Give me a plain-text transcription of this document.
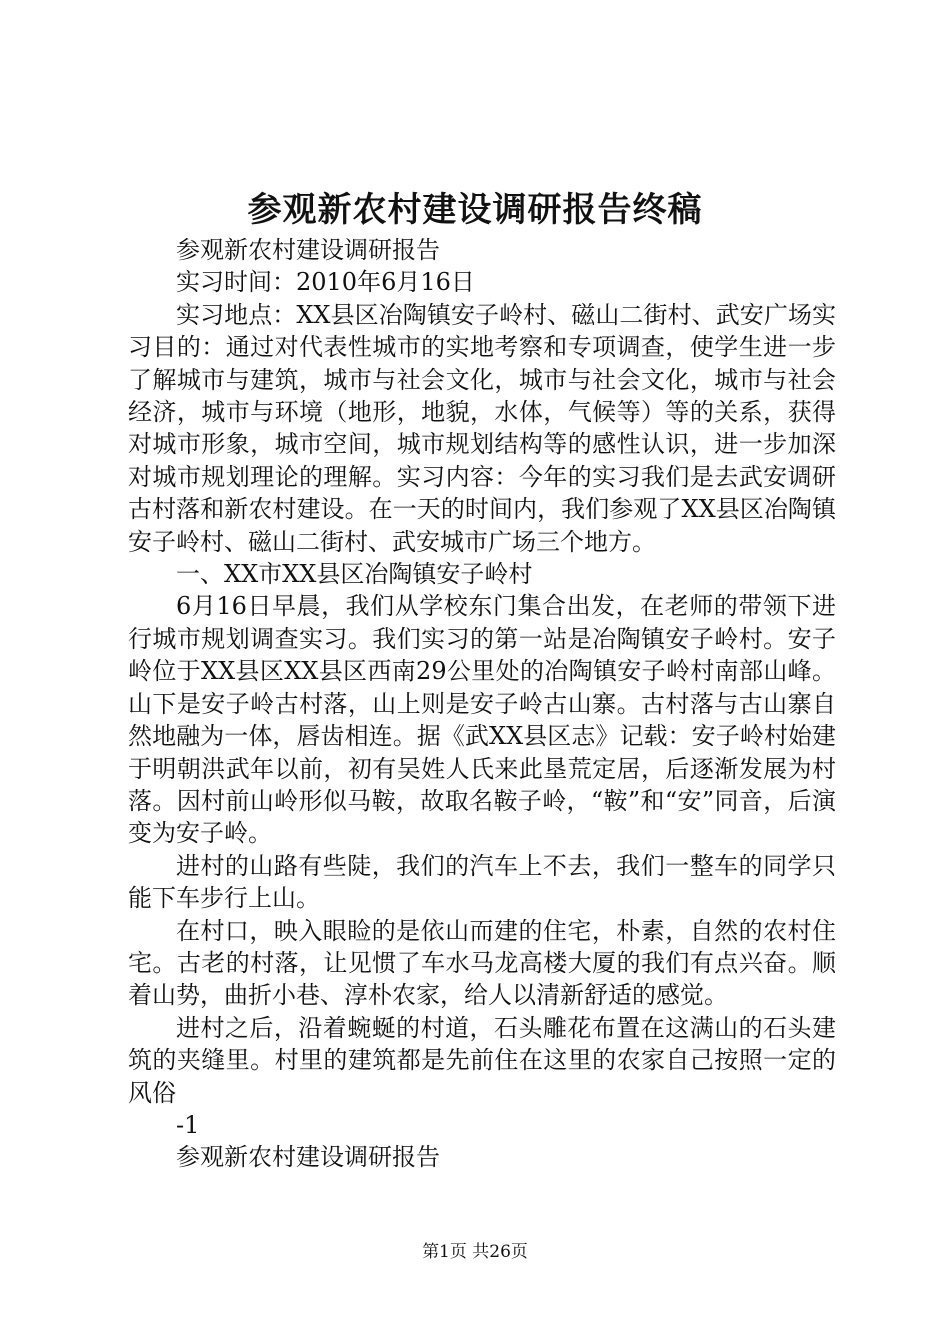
参观新农村建设调研报告终稿

参观新农村建设调研报告

实习时间：2010年6月16日

实习地点：XX县区冶陶镇安子岭村、磁山二街村、武安广场实习目的：通过对代表性城市的实地考察和专项调查，使学生进一步了解城市与建筑，城市与社会文化，城市与社会文化，城市与社会经济，城市与环境（地形，地貌，水体，气候等）等的关系，获得对城市形象，城市空间，城市规划结构等的感性认识，进一步加深对城市规划理论的理解。实习内容：今年的实习我们是去武安调研古村落和新农村建设。在一天的时间内，我们参观了XX县区冶陶镇安子岭村、磁山二街村、武安城市广场三个地方。

一、XX市XX县区冶陶镇安子岭村

6月16日早晨，我们从学校东门集合出发，在老师的带领下进行城市规划调查实习。我们实习的第一站是冶陶镇安子岭村。安子岭位于XX县区XX县区西南29公里处的冶陶镇安子岭村南部山峰。山下是安子岭古村落，山上则是安子岭古山寨。古村落与古山寨自然地融为一体，唇齿相连。据《武XX县区志》记载：安子岭村始建于明朝洪武年以前，初有吴姓人氏来此垦荒定居，后逐渐发展为村落。因村前山岭形似马鞍，故取名鞍子岭，“鞍”和“安”同音，后演变为安子岭。

进村的山路有些陡，我们的汽车上不去，我们一整车的同学只能下车步行上山。

在村口，映入眼睑的是依山而建的住宅，朴素，自然的农村住宅。古老的村落，让见惯了车水马龙高楼大厦的我们有点兴奋。顺着山势，曲折小巷、淳朴农家，给人以清新舒适的感觉。

进村之后，沿着蜿蜒的村道，石头雕花布置在这满山的石头建筑的夹缝里。村里的建筑都是先前住在这里的农家自己按照一定的风俗

-1

参观新农村建设调研报告

第1页 共26页
